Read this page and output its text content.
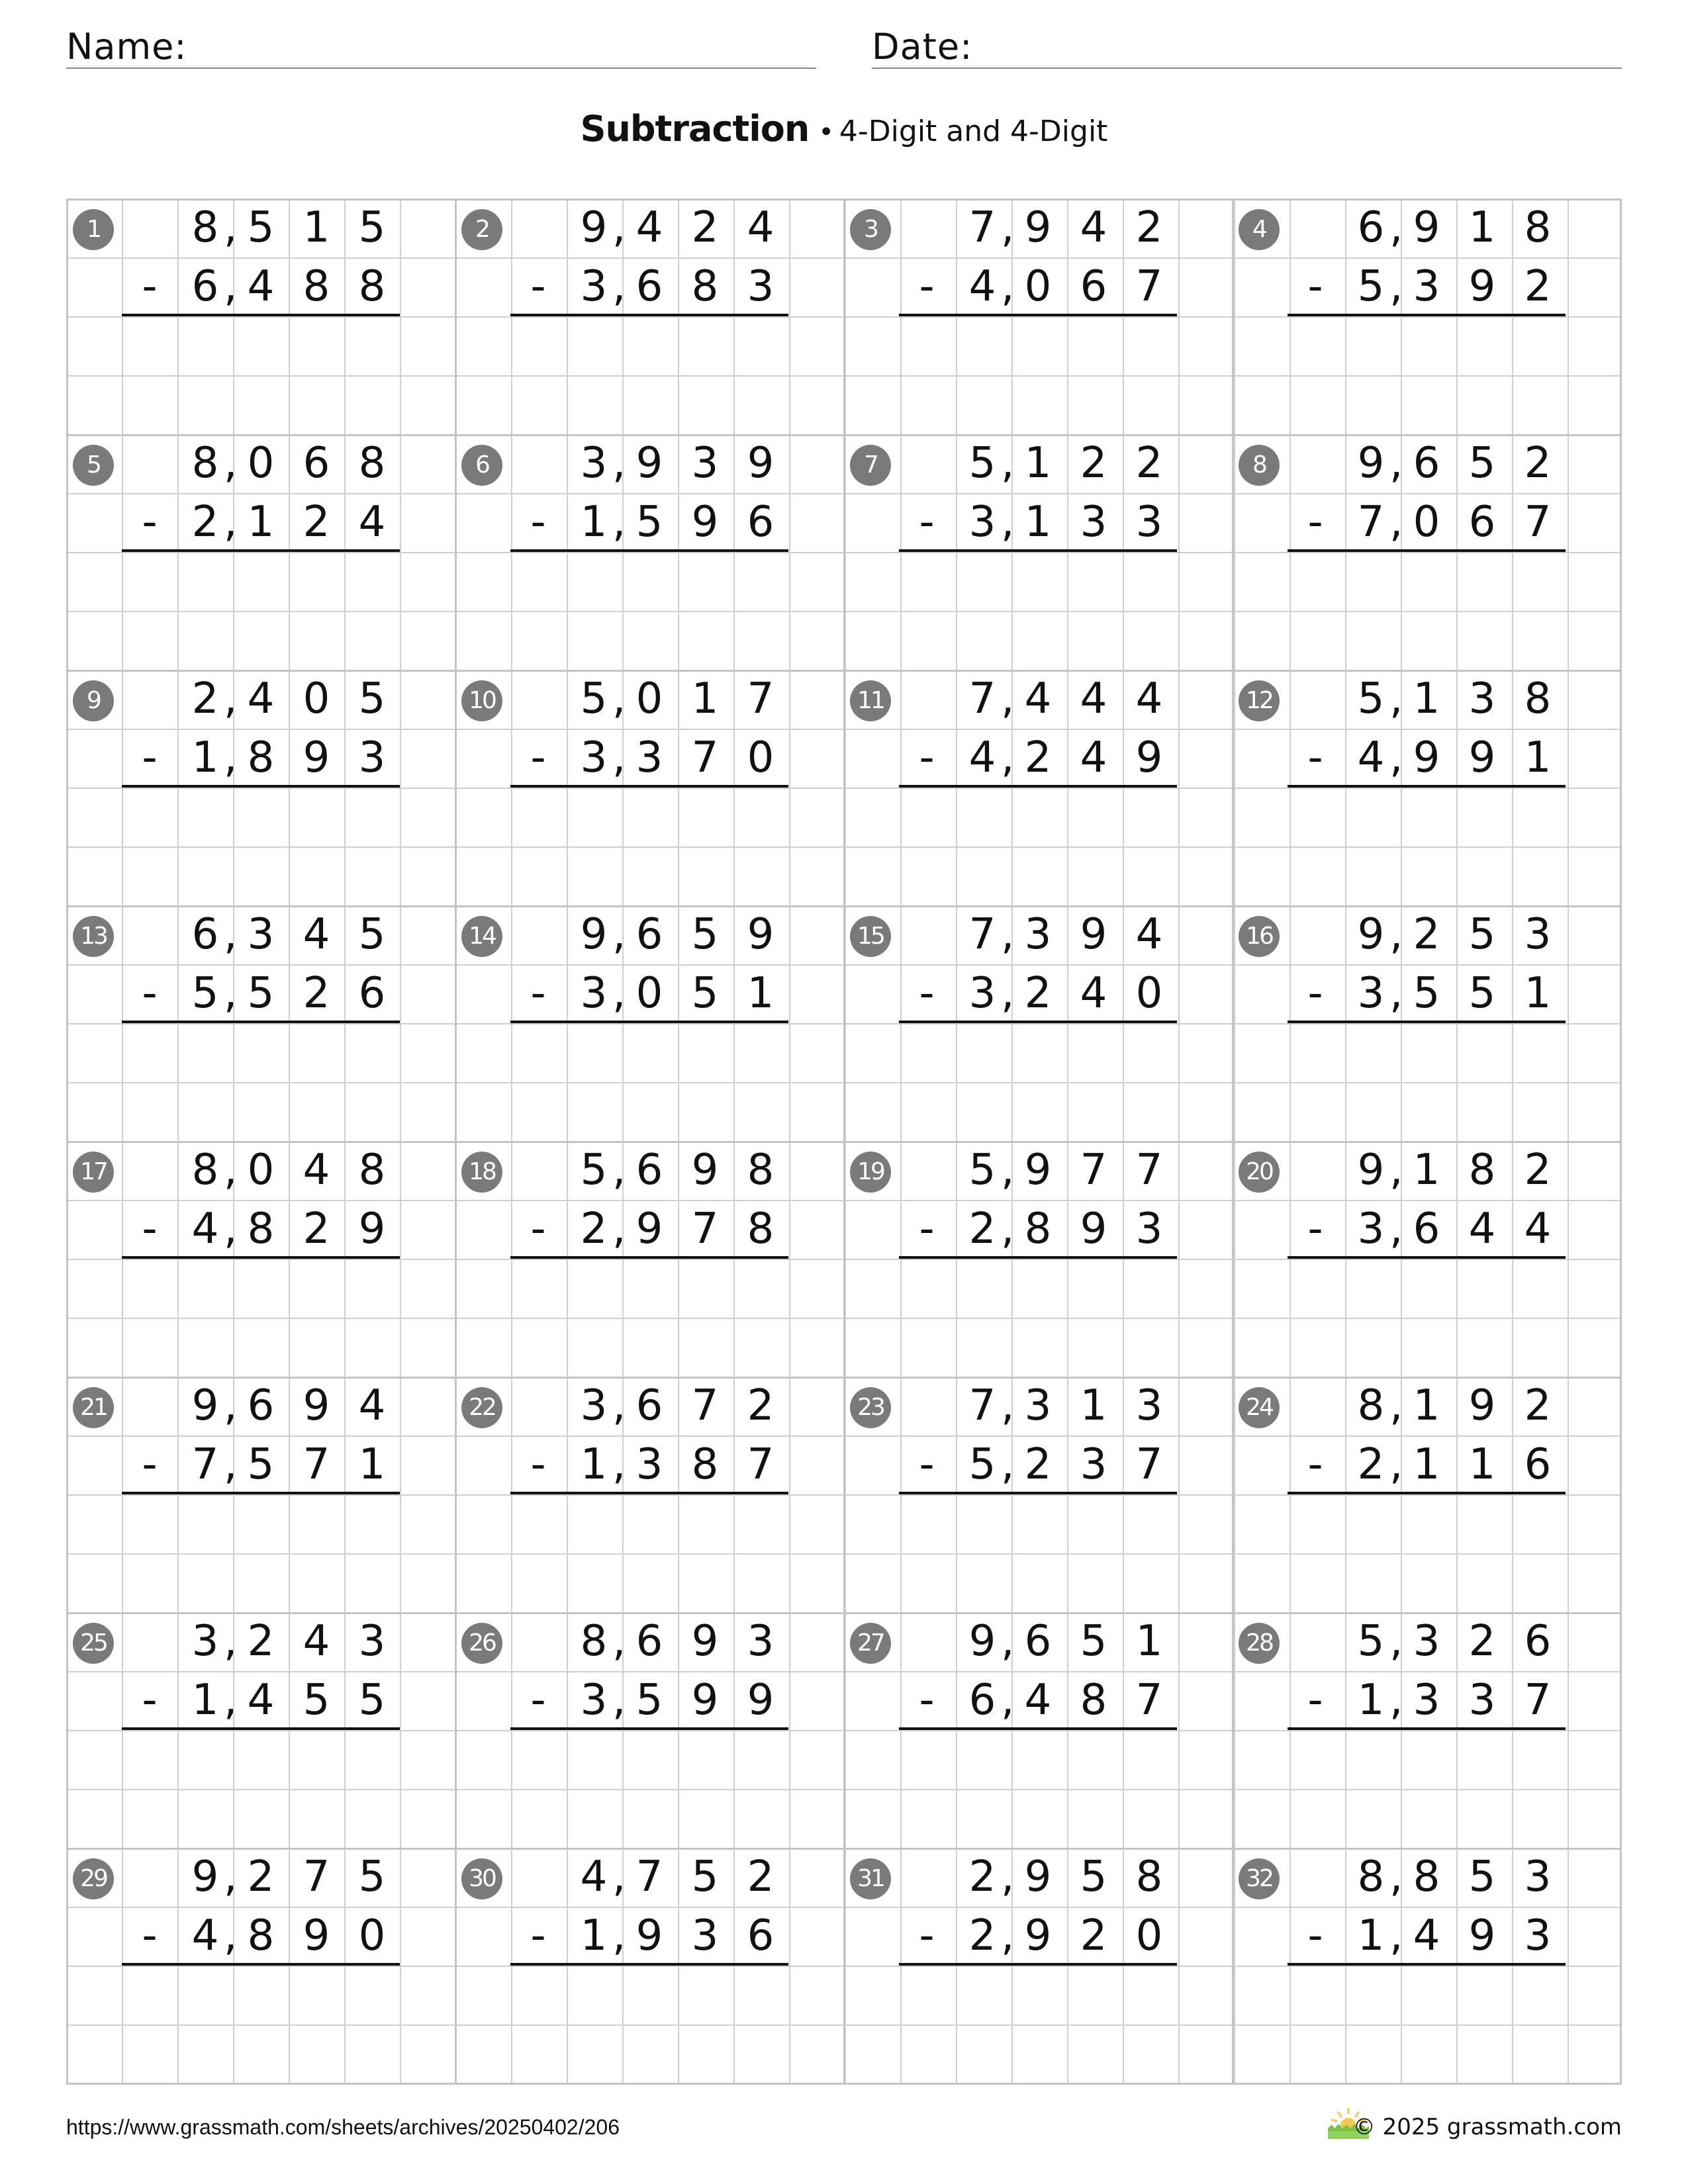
Name:	Date:
Subtraction • 4-Digit and 4-Digit
1	8 5 1 5
,
- 6 4 8 8
,
2	9 4 2 4
,
- 3 6 8 3
,
3	7 9 4 2
,
- 4 0 6 7
,
4	6 9 1 8
,
- 5 3 9 2
,
5	8 0 6 8
,
- 2 1 2 4
,
6	3 9 3 9
,
- 1 5 9 6
,
7	5 1 2 2
,
- 3 1 3 3
,
8	9 6 5 2
,
- 7 0 6 7
,
9	2 4 0 5
,
- 1 8 9 3
,
10	5 0 1 7
,
- 3 3 7 0
,
11	7 4 4 4
,
- 4 2 4 9
,
12	5 1 3 8
,
- 4 9 9 1
,
13	6 3 4 5
,
- 5 5 2 6
,
14	9 6 5 9
,
- 3 0 5 1
,
15	7 3 9 4
,
- 3 2 4 0
,
16	9 2 5 3
,
- 3 5 5 1
,
17	8 0 4 8
,
- 4 8 2 9
,
18	5 6 9 8
,
- 2 9 7 8
,
19	5 9 7 7
,
- 2 8 9 3
,
20	9 1 8 2
,
- 3 6 4 4
,
21	9 6 9 4
,
- 7 5 7 1
,
22	3 6 7 2
,
- 1 3 8 7
,
23	7 3 1 3
,
- 5 2 3 7
,
24	8 1 9 2
,
- 2 1 1 6
,
25	3 2 4 3
,
- 1 4 5 5
,
26	8 6 9 3
,
- 3 5 9 9
,
27	9 6 5 1
,
- 6 4 8 7
,
28	5 3 2 6
,
- 1 3 3 7
,
29	9 2 7 5
,
- 4 8 9 0
,
30	4 7 5 2
,
- 1 9 3 6
,
31	2 9 5 8
,
- 2 9 2 0
,
32	8 8 5 3
,
- 1 4 9 3
,
https://www.grassmath.com/sheets/archives/20250402/206	© 2025 grassmath.com
